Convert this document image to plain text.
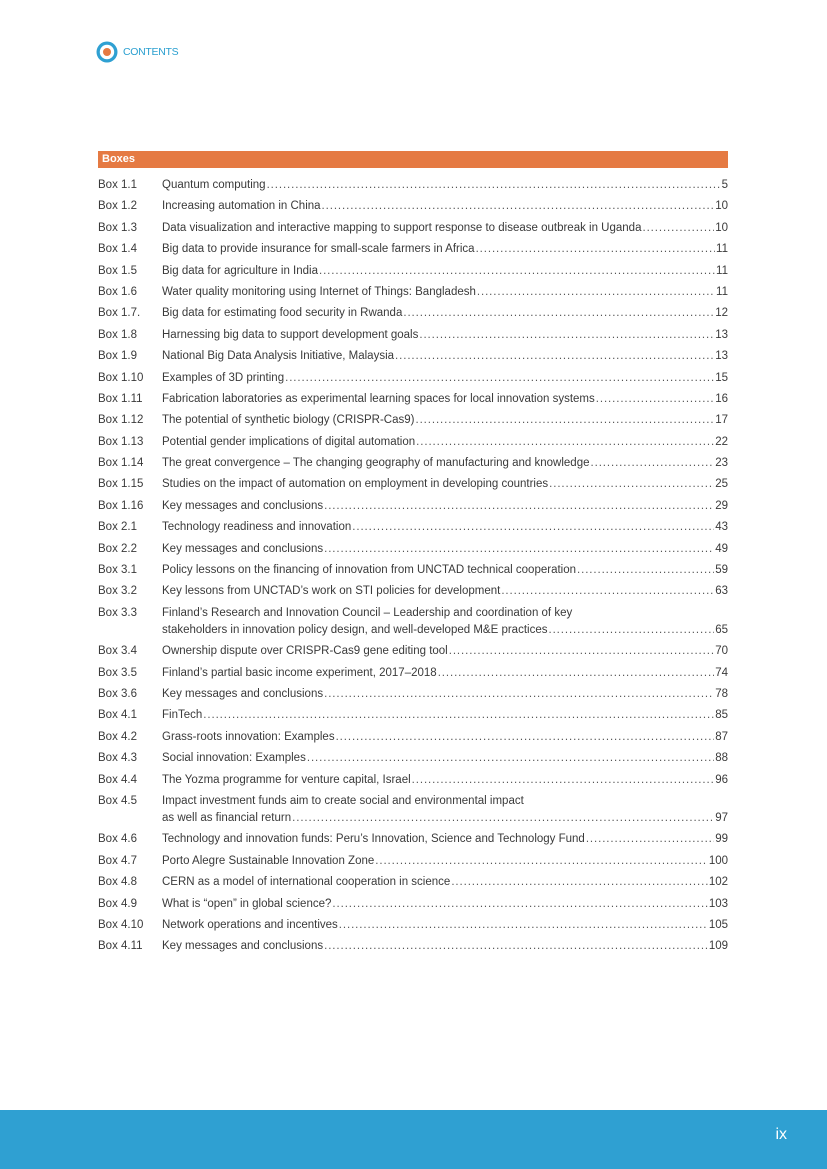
CONTENTS
Boxes
Box 1.1	Quantum computing .....	5
Box 1.2	Increasing automation in China .....	10
Box 1.3	Data visualization and interactive mapping to support response to disease outbreak in Uganda .....	10
Box 1.4	Big data to provide insurance for small-scale farmers in Africa .....	11
Box 1.5	Big data for agriculture in India .....	11
Box 1.6	Water quality monitoring using Internet of Things: Bangladesh .....	11
Box 1.7.	Big data for estimating food security in Rwanda .....	12
Box 1.8	Harnessing big data to support development goals .....	13
Box 1.9	National Big Data Analysis Initiative, Malaysia .....	13
Box 1.10	Examples of 3D printing .....	15
Box 1.11	Fabrication laboratories as experimental learning spaces for local innovation systems .....	16
Box 1.12	The potential of synthetic biology (CRISPR-Cas9) .....	17
Box 1.13	Potential gender implications of digital automation .....	22
Box 1.14	The great convergence – The changing geography of manufacturing and knowledge .....	23
Box 1.15	Studies on the impact of automation on employment in developing countries .....	25
Box 1.16	Key messages and conclusions .....	29
Box 2.1	Technology readiness and innovation .....	43
Box 2.2	Key messages and conclusions .....	49
Box 3.1	Policy lessons on the financing of innovation from UNCTAD technical cooperation .....	59
Box 3.2	Key lessons from UNCTAD’s work on STI policies for development .....	63
Box 3.3	Finland’s Research and Innovation Council – Leadership and coordination of key
stakeholders in innovation policy design, and well-developed M&E practices .....	65
Box 3.4	Ownership dispute over CRISPR-Cas9 gene editing tool .....	70
Box 3.5	Finland’s partial basic income experiment, 2017–2018 .....	74
Box 3.6	Key messages and conclusions .....	78
Box 4.1	FinTech .....	85
Box 4.2	Grass-roots innovation: Examples .....	87
Box 4.3	Social innovation: Examples .....	88
Box 4.4	The Yozma programme for venture capital, Israel .....	96
Box 4.5	Impact investment funds aim to create social and environmental impact
as well as financial return .....	97
Box 4.6	Technology and innovation funds: Peru’s Innovation, Science and Technology Fund .....	99
Box 4.7	Porto Alegre Sustainable Innovation Zone .....	100
Box 4.8	CERN as a model of international cooperation in science .....	102
Box 4.9	What is “open” in global science? .....	103
Box 4.10	Network operations and incentives .....	105
Box 4.11	Key messages and conclusions .....	109
ix
